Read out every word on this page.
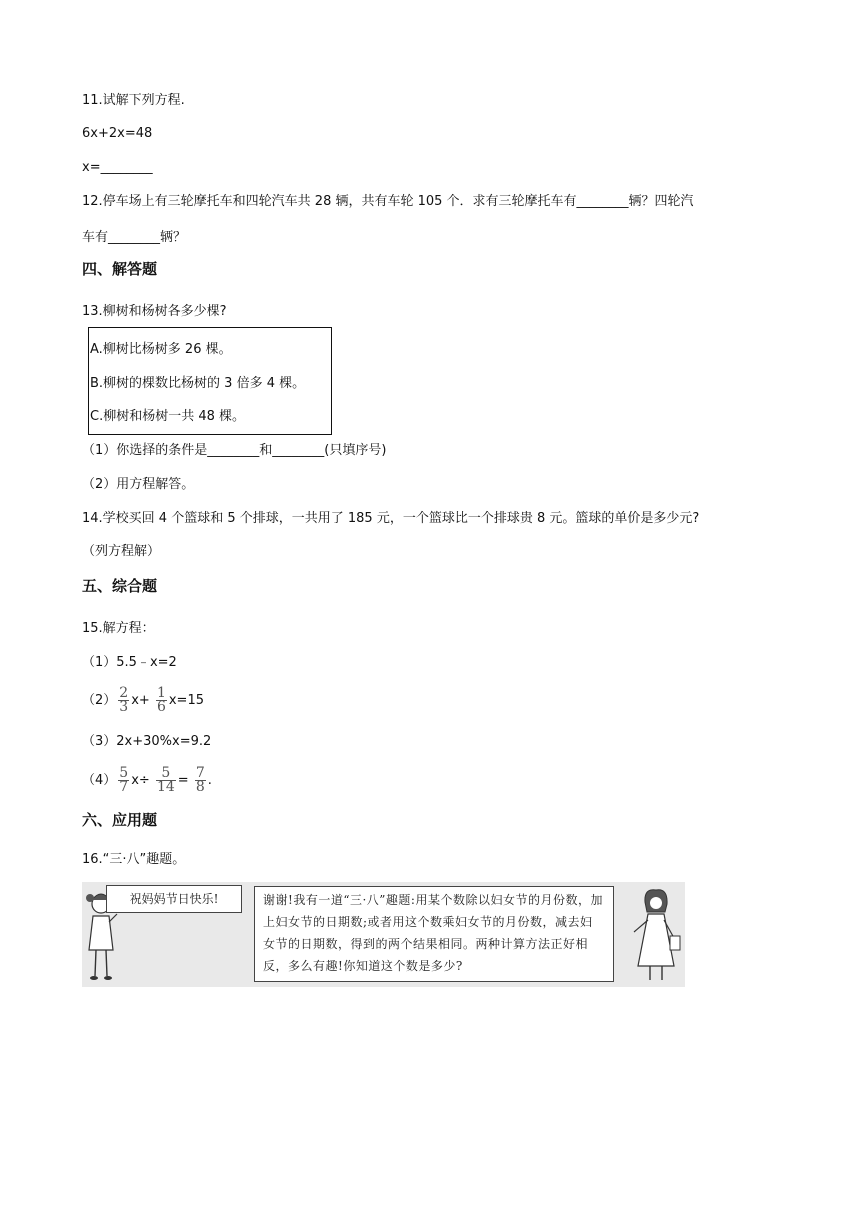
11.试解下列方程.
6x+2x=48
x=________
12.停车场上有三轮摩托车和四轮汽车共 28 辆，共有车轮 105 个．求有三轮摩托车有________辆？四轮汽
车有________辆？
四、解答题
13.柳树和杨树各多少棵?
A.柳树比杨树多 26 棵。
B.柳树的棵数比杨树的 3 倍多 4 棵。
C.柳树和杨树一共 48 棵。
（1）你选择的条件是________和________(只填序号)
（2）用方程解答。
14.学校买回 4 个篮球和 5 个排球，一共用了 185 元，一个篮球比一个排球贵 8 元。篮球的单价是多少元?
（列方程解）
五、综合题
15.解方程：
（1）5.5﹣x=2
$(2) \frac{2}{3} x+ \frac{1}{6} x=15$
（3）2x+30%x=9.2
$(4) \frac{5}{7} x\div \frac{5}{14} = \frac{7}{8}$ .
六、应用题
16.“三·八”趣题。
祝妈妈节日快乐!	谢谢!我有一道“三·八”趣题:用某个数除以妇女节的月份数，加上妇女节的日期数;或者用这个数乘妇女节的月份数，减去妇女节的日期数，得到的两个结果相同。两种计算方法正好相反，多么有趣!你知道这个数是多少?
